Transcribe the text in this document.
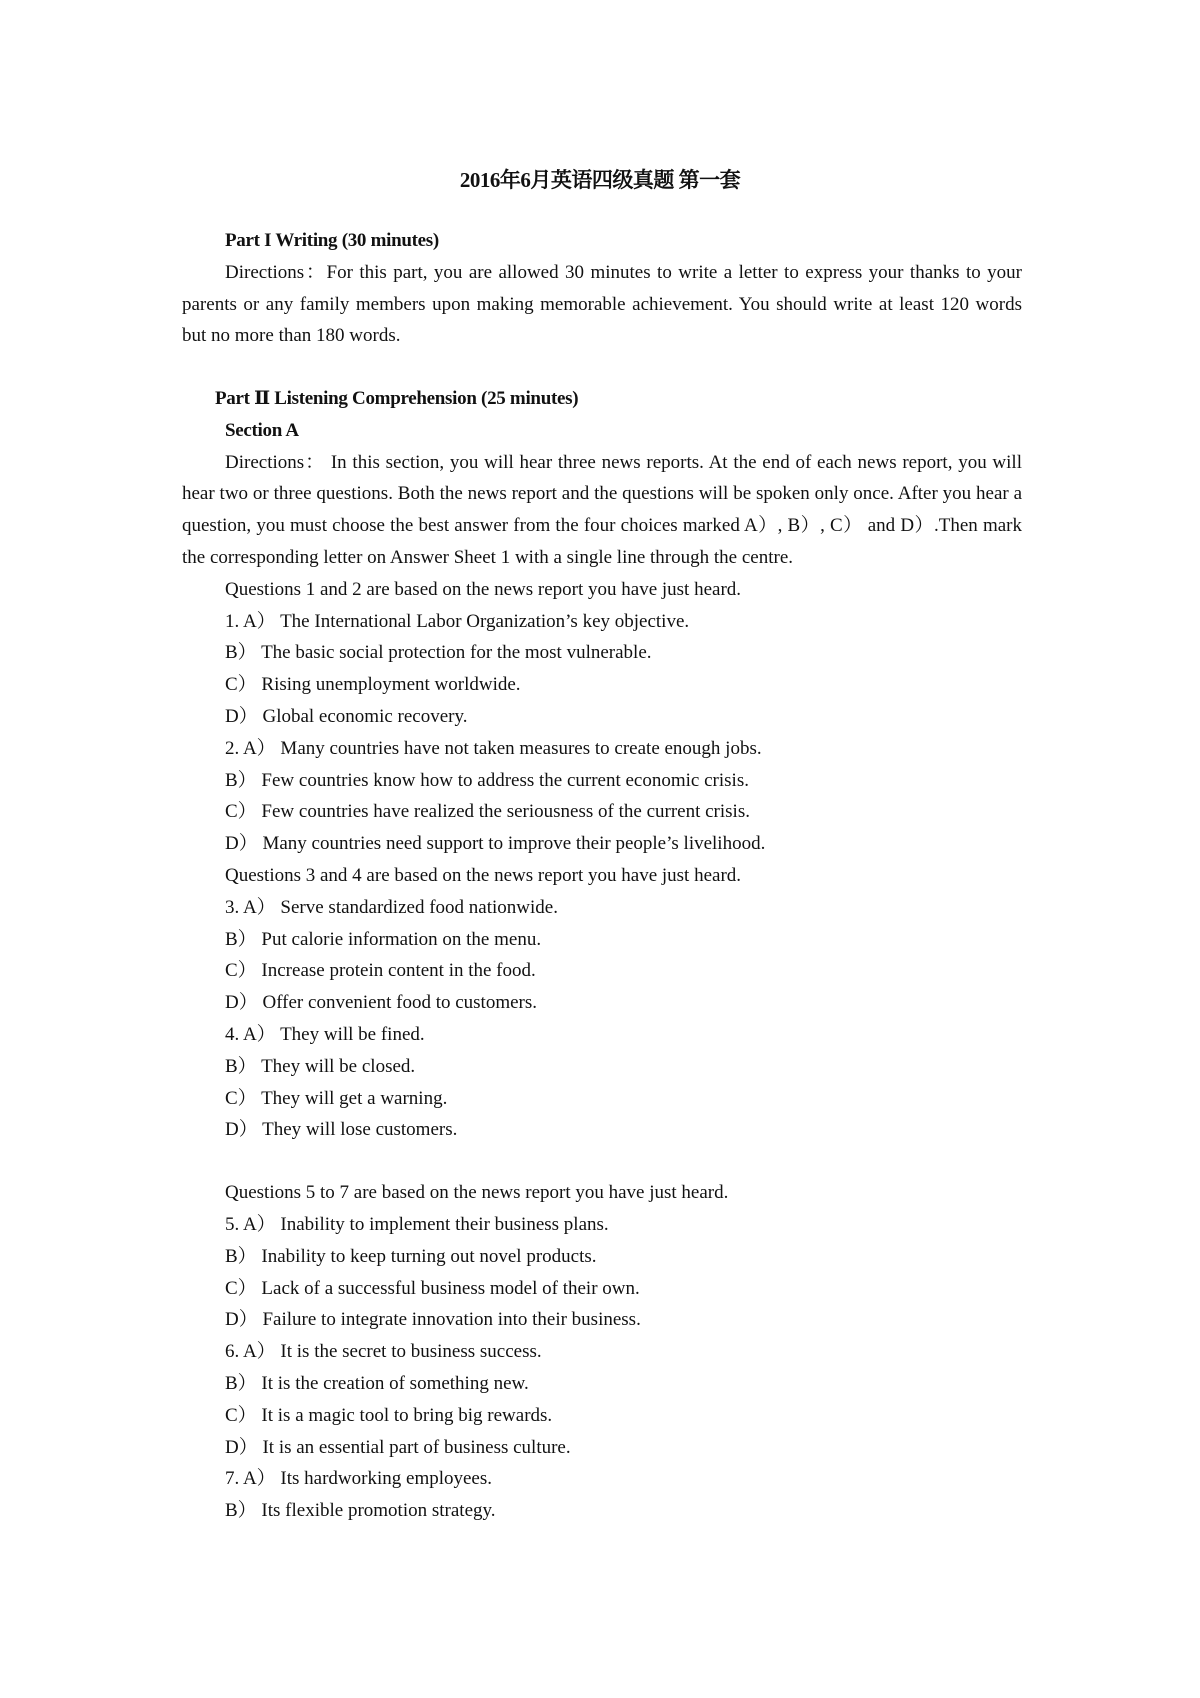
2016年6月英语四级真题 第一套
Part I Writing (30 minutes)
Directions：For this part, you are allowed 30 minutes to write a letter to express your thanks to your parents or any family members upon making memorable achievement. You should write at least 120 words but no more than 180 words.
Part Ⅱ Listening Comprehension (25 minutes)
Section A
Directions： In this section, you will hear three news reports. At the end of each news report, you will hear two or three questions. Both the news report and the questions will be spoken only once. After you hear a question, you must choose the best answer from the four choices marked A）, B）, C） and D）.Then mark the corresponding letter on Answer Sheet 1 with a single line through the centre.
Questions 1 and 2 are based on the news report you have just heard.
1. A） The International Labor Organization’s key objective.
B） The basic social protection for the most vulnerable.
C） Rising unemployment worldwide.
D） Global economic recovery.
2. A） Many countries have not taken measures to create enough jobs.
B） Few countries know how to address the current economic crisis.
C） Few countries have realized the seriousness of the current crisis.
D） Many countries need support to improve their people’s livelihood.
Questions 3 and 4 are based on the news report you have just heard.
3. A） Serve standardized food nationwide.
B） Put calorie information on the menu.
C） Increase protein content in the food.
D） Offer convenient food to customers.
4. A） They will be fined.
B） They will be closed.
C） They will get a warning.
D） They will lose customers.
Questions 5 to 7 are based on the news report you have just heard.
5. A） Inability to implement their business plans.
B） Inability to keep turning out novel products.
C） Lack of a successful business model of their own.
D） Failure to integrate innovation into their business.
6. A） It is the secret to business success.
B） It is the creation of something new.
C） It is a magic tool to bring big rewards.
D） It is an essential part of business culture.
7. A） Its hardworking employees.
B） Its flexible promotion strategy.
